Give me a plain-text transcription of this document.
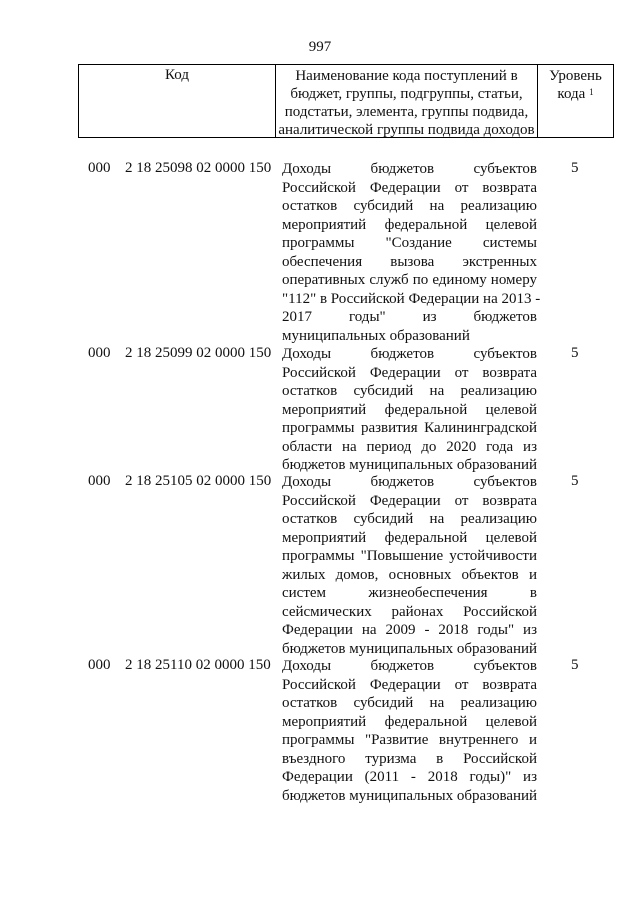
997
Код	Наименование кода поступлений в
бюджет, группы, подгруппы, статьи,
подстатьи, элемента, группы подвида,
аналитической группы подвида доходов
Уровень
кода $^1$
000 2 18 25098 02 0000 150 Доходы бюджетов субъектов
Российской Федерации от возврата
остатков субсидий на реализацию
мероприятий федеральной целевой
программы "Создание системы
обеспечения вызова экстренных
оперативных служб по единому номеру
"112" в Российской Федерации на 2013 -
2017 годы" из бюджетов
муниципальных образований
5
000 2 18 25099 02 0000 150 Доходы бюджетов субъектов
Российской Федерации от возврата
остатков субсидий на реализацию
мероприятий федеральной целевой
программы развития Калининградской
области на период до 2020 года из
бюджетов муниципальных образований
5
000 2 18 25105 02 0000 150 Доходы бюджетов субъектов
Российской Федерации от возврата
остатков субсидий на реализацию
мероприятий федеральной целевой
программы "Повышение устойчивости
жилых домов, основных объектов и
систем жизнеобеспечения в
сейсмических районах Российской
Федерации на 2009 - 2018 годы" из
бюджетов муниципальных образований
5
000 2 18 25110 02 0000 150 Доходы бюджетов субъектов
Российской Федерации от возврата
остатков субсидий на реализацию
мероприятий федеральной целевой
программы "Развитие внутреннего и
въездного туризма в Российской
Федерации (2011 - 2018 годы)" из
бюджетов муниципальных образований
5
